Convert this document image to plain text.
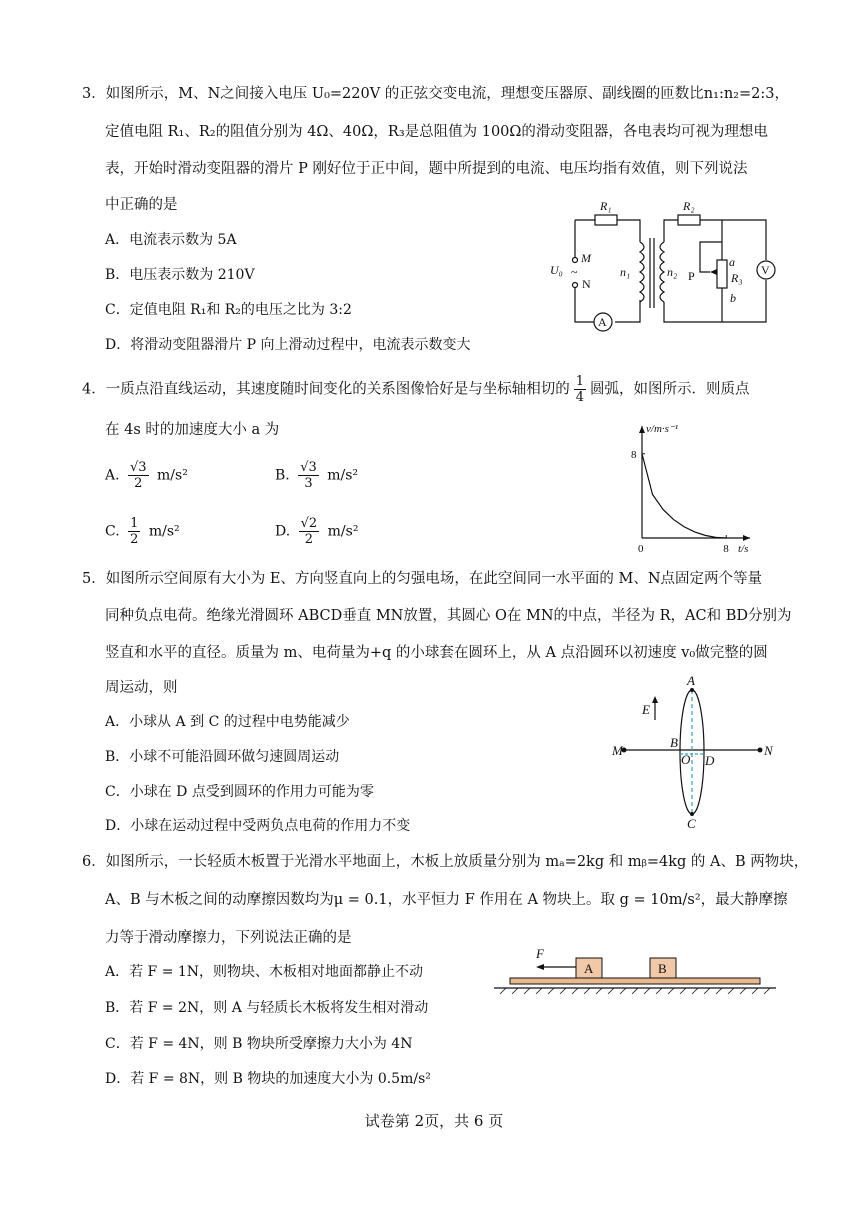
3．如图所示，M、N之间接入电压 U₀=220V 的正弦交变电流，理想变压器原、副线圈的匝数比n₁:n₂=2:3，
定值电阻 R₁、R₂的阻值分别为 4Ω、40Ω，R₃是总阻值为 100Ω的滑动变阻器，各电表均可视为理想电
表，开始时滑动变阻器的滑片 P 刚好位于正中间，题中所提到的电流、电压均指有效值，则下列说法
中正确的是
A．电流表示数为 5A
B．电压表示数为 210V
C．定值电阻 R₁和 R₂的电压之比为 3:2
D．将滑动变阻器滑片 P 向上滑动过程中，电流表示数变大
R₁	R₂
M
N
U₀ ~	n₁	n₂ P
a
b
R₃
V
A
4．一质点沿直线运动，其速度随时间变化的关系图像恰好是与坐标轴相切的 $\frac{1}{4}$ 圆弧，如图所示．则质点
在 4s 时的加速度大小 a 为
A. $\frac{√3}{2} m/s^2$	B. $\frac{√3}{3} m/s^2$
C. $\frac{1}{2} m/s^2$	D. $\frac{√2}{2} m/s^2$
v/m·s⁻¹
t/s
0	8
8
5．如图所示空间原有大小为 E、方向竖直向上的匀强电场，在此空间同一水平面的 M、N点固定两个等量
同种负点电荷。绝缘光滑圆环 ABCD垂直 MN放置，其圆心 O在 MN的中点，半径为 R，AC和 BD分别为
竖直和水平的直径。质量为 m、电荷量为+q 的小球套在圆环上，从 A 点沿圆环以初速度 v₀做完整的圆
周运动，则
A．小球从 A 到 C 的过程中电势能减少
B．小球不可能沿圆环做匀速圆周运动
C．小球在 D 点受到圆环的作用力可能为零
D．小球在运动过程中受两负点电荷的作用力不变
A
B
C
D
O
M	N
E
6．如图所示，一长轻质木板置于光滑水平地面上，木板上放质量分别为 mₐ=2kg 和 mᵦ=4kg 的 A、B 两物块，
A、B 与木板之间的动摩擦因数均为μ = 0.1，水平恒力 F 作用在 A 物块上。取 g = 10m/s²，最大静摩擦
力等于滑动摩擦力，下列说法正确的是
A．若 F = 1N，则物块、木板相对地面都静止不动
B．若 F = 2N，则 A 与轻质长木板将发生相对滑动
C．若 F = 4N，则 B 物块所受摩擦力大小为 4N
D．若 F = 8N，则 B 物块的加速度大小为 0.5m/s²
F
A	B
试卷第 2页，共 6 页
